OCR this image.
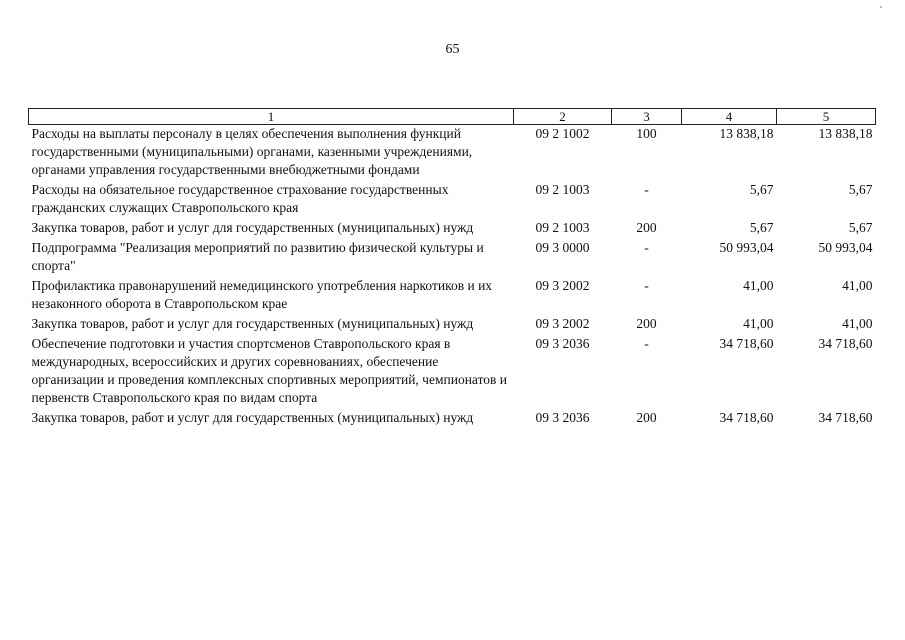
65
1	2	3	4	5
Расходы на выплаты персоналу в целях обеспечения выполнения функций государственными (муниципальными) органами, казенными учреждениями, органами управления государственными внебюджетными фондами	09 2 1002	100	13 838,18	13 838,18
Расходы на обязательное государственное страхование государственных гражданских служащих Ставропольского края	09 2 1003	-	5,67	5,67
Закупка товаров, работ и услуг для государственных (муниципальных) нужд	09 2 1003	200	5,67	5,67
Подпрограмма "Реализация мероприятий по развитию физической культуры и спорта"	09 3 0000	-	50 993,04	50 993,04
Профилактика правонарушений немедицинского употребления наркотиков и их незаконного оборота в Ставропольском крае	09 3 2002	-	41,00	41,00
Закупка товаров, работ и услуг для государственных (муниципальных) нужд	09 3 2002	200	41,00	41,00
Обеспечение подготовки и участия спортсменов Ставропольского края в международных, всероссийских и других соревнованиях, обеспечение организации и проведения комплексных спортивных мероприятий, чемпионатов и первенств Ставропольского края по видам спорта	09 3 2036	-	34 718,60	34 718,60
Закупка товаров, работ и услуг для государственных (муниципальных) нужд	09 3 2036	200	34 718,60	34 718,60
